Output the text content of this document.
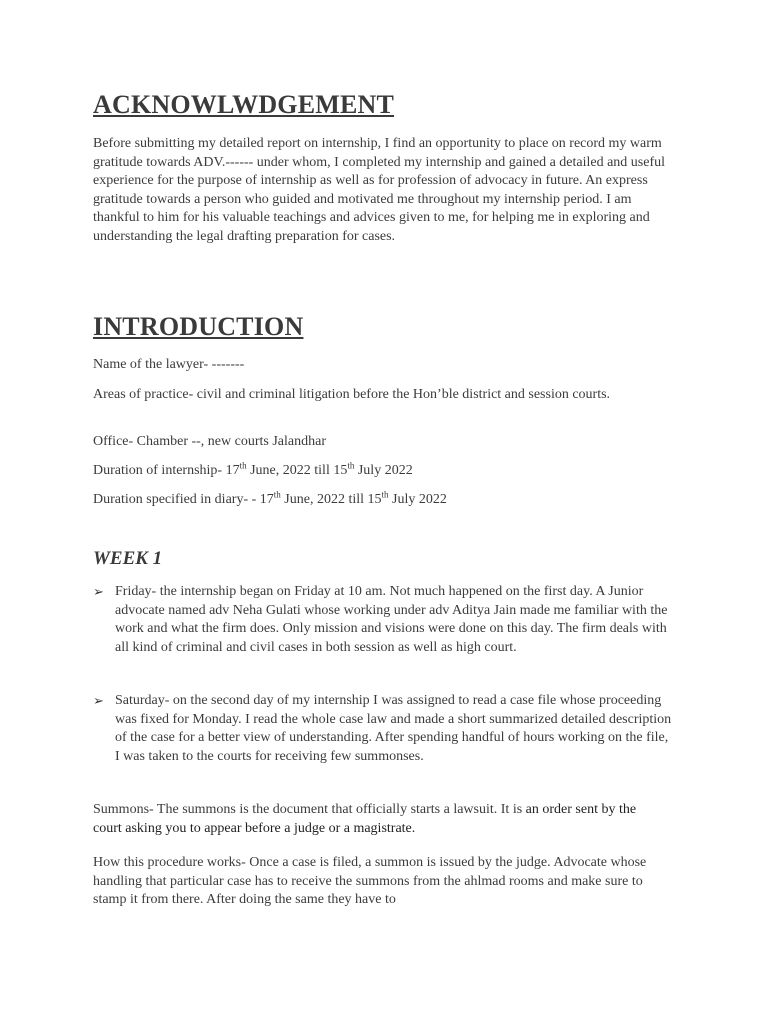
ACKNOWLWDGEMENT

Before submitting my detailed report on internship, I find an opportunity to place on record my warm gratitude towards ADV.------ under whom, I completed my internship and gained a detailed and useful experience for the purpose of internship as well as for profession of advocacy in future. An express gratitude towards a person who guided and motivated me throughout my internship period. I am thankful to him for his valuable teachings and advices given to me, for helping me in exploring and understanding the legal drafting preparation for cases.

INTRODUCTION

Name of the lawyer- -------

Areas of practice- civil and criminal litigation before the Hon’ble district and session courts.

Office- Chamber --, new courts Jalandhar

Duration of internship- 17th June, 2022 till 15th July 2022

Duration specified in diary- - 17th June, 2022 till 15th July 2022

WEEK 1
➢ Friday- the internship began on Friday at 10 am. Not much happened on the first day. A Junior advocate named adv Neha Gulati whose working under adv Aditya Jain made me familiar with the work and what the firm does. Only mission and visions were done on this day. The firm deals with all kind of criminal and civil cases in both session as well as high court.
➢ Saturday- on the second day of my internship I was assigned to read a case file whose proceeding was fixed for Monday. I read the whole case law and made a short summarized detailed description of the case for a better view of understanding. After spending handful of hours working on the file, I was taken to the courts for receiving few summonses.

Summons- The summons is the document that officially starts a lawsuit. It is an order sent by the court asking you to appear before a judge or a magistrate.

How this procedure works- Once a case is filed, a summon is issued by the judge. Advocate whose handling that particular case has to receive the summons from the ahlmad rooms and make sure to stamp it from there. After doing the same they have to
